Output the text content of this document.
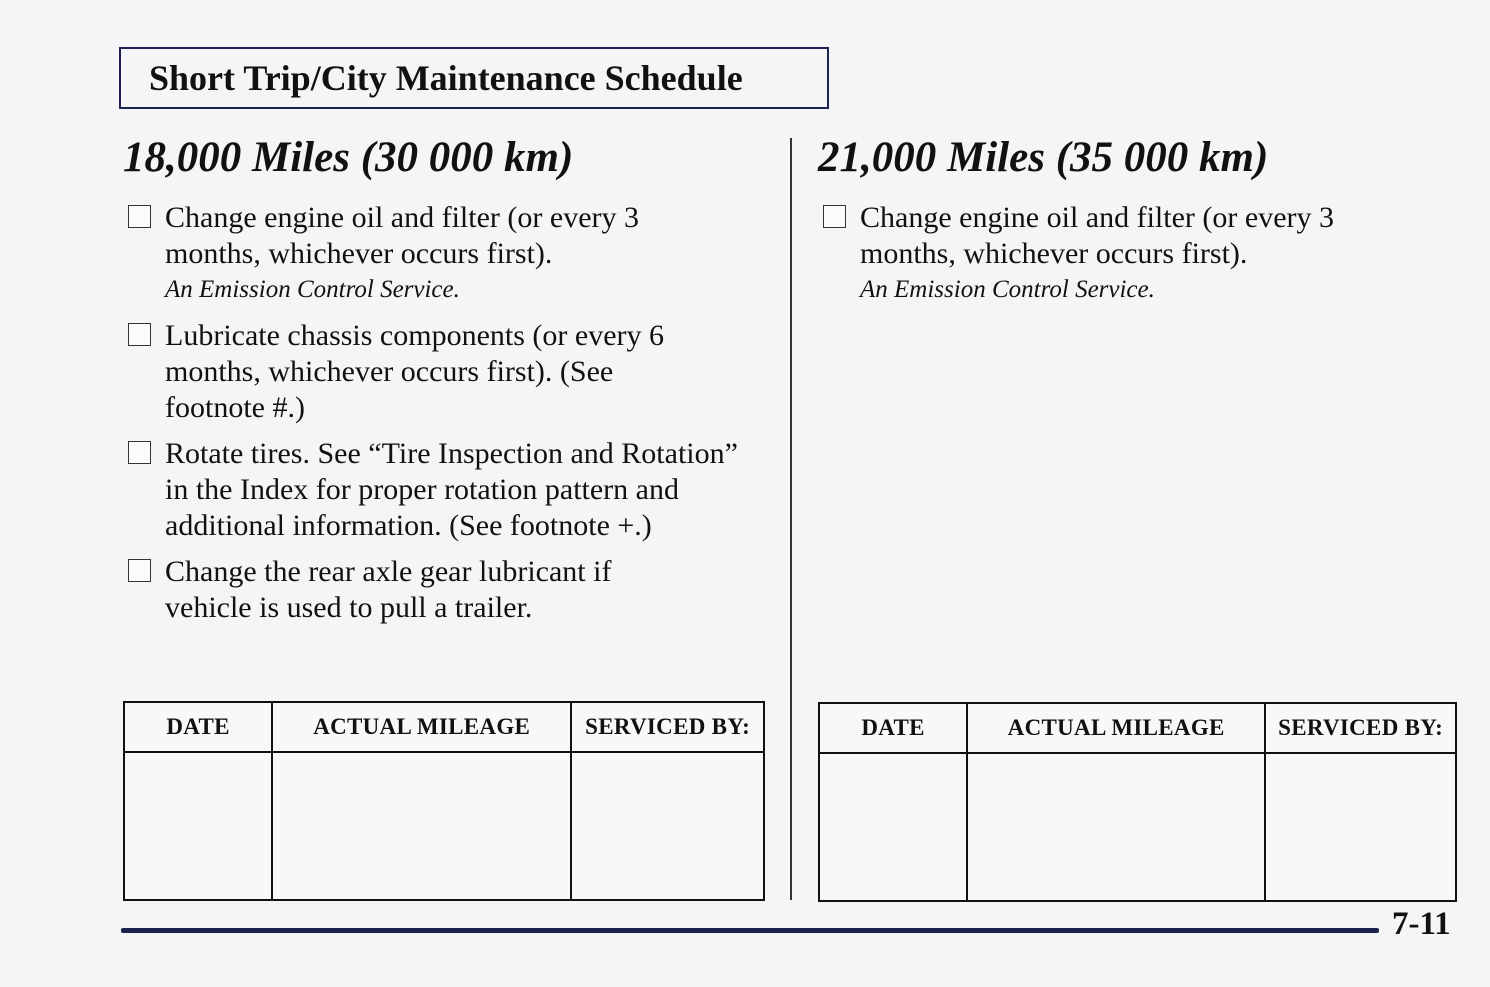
Short Trip/City Maintenance Schedule
18,000 Miles (30 000 km)
Change engine oil and filter (or every 3 months, whichever occurs first).
An Emission Control Service.
Lubricate chassis components (or every 6 months, whichever occurs first). (See footnote #.)
Rotate tires. See “Tire Inspection and Rotation” in the Index for proper rotation pattern and additional information. (See footnote +.)
Change the rear axle gear lubricant if vehicle is used to pull a trailer.
DATE	ACTUAL MILEAGE	SERVICED BY:

21,000 Miles (35 000 km)
Change engine oil and filter (or every 3 months, whichever occurs first).
An Emission Control Service.
DATE	ACTUAL MILEAGE	SERVICED BY:

7-11
